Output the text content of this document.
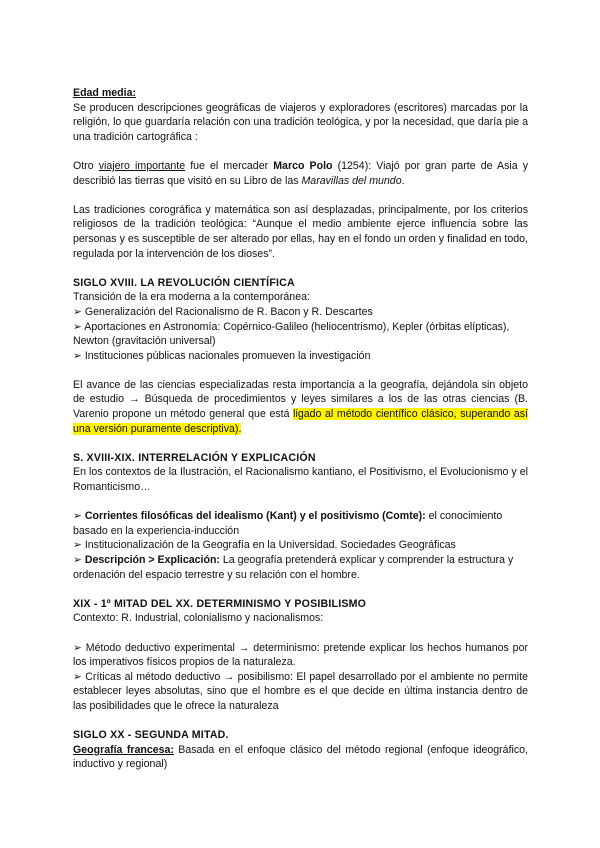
Edad media:
Se producen descripciones geográficas de viajeros y exploradores (escritores) marcadas por la religión, lo que guardaría relación con una tradición teológica, y por la necesidad, que daría pie a una tradición cartográfica :
Otro viajero importante fue el mercader Marco Polo (1254): Viajó por gran parte de Asia y describió las tierras que visitó en su Libro de las Maravillas del mundo.
Las tradiciones corográfica y matemática son así desplazadas, principalmente, por los criterios religiosos de la tradición teológica: “Aunque el medio ambiente ejerce influencia sobre las personas y es susceptible de ser alterado por ellas, hay en el fondo un orden y finalidad en todo, regulada por la intervención de los dioses”.
SIGLO XVIII. LA REVOLUCIÓN CIENTÍFICA
Transición de la era moderna a la contemporánea:
➢ Generalización del Racionalismo de R. Bacon y R. Descartes
➢ Aportaciones en Astronomía: Copérnico-Galileo (heliocentrismo), Kepler (órbitas elípticas), Newton (gravitación universal)
➢ Instituciones públicas nacionales promueven la investigación
El avance de las ciencias especializadas resta importancia a la geografía, dejándola sin objeto de estudio → Búsqueda de procedimientos y leyes similares a los de las otras ciencias (B. Varenio propone un método general que está ligado al método científico clásico, superando así una versión puramente descriptiva).
S. XVIII-XIX. INTERRELACIÓN Y EXPLICACIÓN
En los contextos de la Ilustración, el Racionalismo kantiano, el Positivismo, el Evolucionismo y el Romanticismo…
➢ Corrientes filosóficas del idealismo (Kant) y el positivismo (Comte): el conocimiento basado en la experiencia-inducción
➢ Institucionalización de la Geografía en la Universidad. Sociedades Geográficas
➢ Descripción > Explicación: La geografía pretenderá explicar y comprender la estructura y ordenación del espacio terrestre y su relación con el hombre.
XIX - 1º MITAD DEL XX. DETERMINISMO Y POSIBILISMO
Contexto: R. Industrial, colonialismo y nacionalismos:
➢ Método deductivo experimental → determinismo: pretende explicar los hechos humanos por los imperativos físicos propios de la naturaleza.
➢ Críticas al método deductivo → posibilismo: El papel desarrollado por el ambiente no permite establecer leyes absolutas, sino que el hombre es el que decide en última instancia dentro de las posibilidades que le ofrece la naturaleza
SIGLO XX - SEGUNDA MITAD.
Geografía francesa: Basada en el enfoque clásico del método regional (enfoque ideográfico, inductivo y regional)
